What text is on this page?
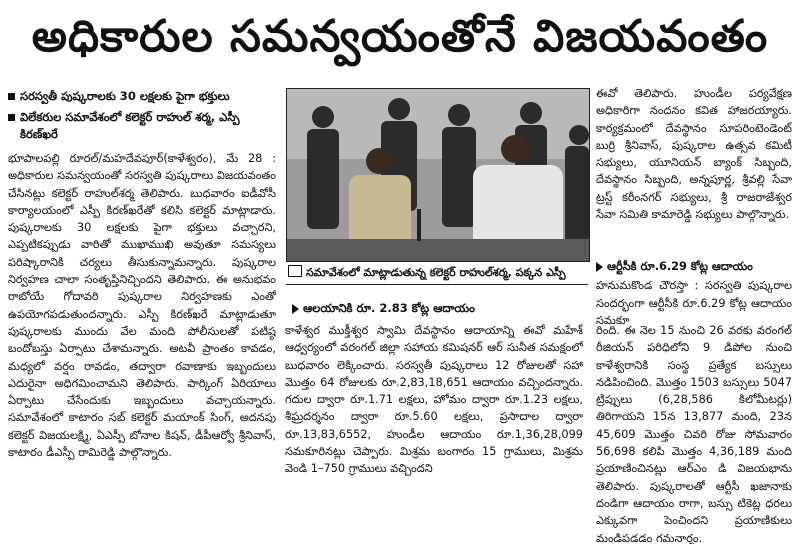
అధికారుల సమన్వయంతోనే విజయవంతం
సరస్వతీ పుష్కరాలకు 30 లక్షలకు పైగా భక్తులు
విలేకరుల సమావేశంలో కలెక్టర్ రాహుల్ శర్మ, ఎస్పీ కిరణ్‌ఖరే

భూపాలపల్లి రూరల్/మహదేవపూర్(కాళేశ్వరం), మే 28 : అధికారుల సమన్వయంతో సరస్వతి పుష్కరాలు విజయవంతం చేసినట్లు కలెక్టర్ రాహుల్‌శర్మ తెలిపారు. బుధవారం ఐడీవోసీ కార్యాలయంలో ఎస్పీ కిరణ్‌ఖరేతో కలిసి కలెక్టర్ మాట్లాడారు. పుష్కరాలకు 30 లక్షలకు పైగా భక్తులు వచ్చారని, ఎప్పటికప్పుడు వారితో ముఖాముఖి అవుతూ సమస్యలు పరిష్కారానికి చర్యలు తీసుకున్నామన్నారు. పుష్కరాల నిర్వహణ చాలా సంతృప్తినిచ్చిందని తెలిపారు. ఈ అనుభవం రాబోయే గోదావరి పుష్కరాల నిర్వహణకు ఎంతో ఉపయోగపడుతుందన్నారు. ఎస్పీ కిరణ్‌ఖరే మాట్లాడుతూ పుష్కరాలకు ముందు వేల మంది పోలీసులతో పటిష్ఠ బందోబస్తు ఏర్పాటు చేశామన్నారు. అటవీ ప్రాంతం కావడం, మధ్యలో వర్షం రావడం, తద్వారా రవాణాకు ఇబ్బందులు ఎదురైనా అధిగమించామని తెలిపారు. పార్కింగ్ ఏరియాలు ఏర్పాటు చేసేందుకు ఇబ్బందులు వచ్చాయన్నారు. సమావేశంలో కాటారం సబ్ కలెక్టర్ మయాంక్ సింగ్, అదనపు కలెక్టర్ విజయలక్ష్మి, ఏఎస్పీ బోనాల కిషన్, డీపీఆర్వో శ్రీనివాస్, కాటారం డీఎస్పీ రామిరెడ్డి పాల్గొన్నారు.

సమావేశంలో మాట్లాడుతున్న కలెక్టర్ రాహుల్‌శర్మ, పక్కన ఎస్పీ

ఈవో తెలిపారు. హుండీల పర్యవేక్షణ అధికారిగా నందనం కవిత హాజరయ్యారు. కార్యక్రమంలో దేవస్థానం సూపరింటెండెంట్ బుర్రి శ్రీనివాస్, పుష్కరాల ఉత్సవ కమిటీ సభ్యులు, యూనియన్ బ్యాంక్ సిబ్బంది, దేవస్థానం సిబ్బంది, అన్నపూర్ణ, శ్రీవల్లి సేవా ట్రస్ట్ కరీంనగర్ సభ్యులు, శ్రీ రాజరాజేశ్వర సేవా సమితి కామారెడ్డి సభ్యులు పాల్గొన్నారు.

ఆర్టీసీకి రూ.6.29 కోట్ల ఆదాయం

హనుమకొండ చౌరస్తా : సరస్వతి పుష్కరాల సందర్భంగా ఆర్టీసీకి రూ.6.29 కోట్ల ఆదాయం సమకూ

ఆలయానికి రూ. 2.83 కోట్ల ఆదాయం

కాళేశ్వర ముక్తీశ్వర స్వామి దేవస్థానం ఆదాయాన్ని ఈవో మహేశ్ ఆధ్వర్యంలో వరంగల్ జిల్లా సహాయ కమిషనర్ ఆర్ సునీత సమక్షంలో బుధవారం లెక్కించారు. సరస్వతీ పుష్కరాలు 12 రోజులతో సహా మొత్తం 64 రోజులకు రూ.2,83,18,651 ఆదాయం వచ్చిందన్నారు. గదుల ద్వారా రూ.1.71 లక్షలు, హోమం ద్వారా రూ.1.23 లక్షలు, శీఘ్రదర్శనం ద్వారా రూ.5.60 లక్షలు, ప్రసాదాల ద్వారా రూ.13,83,6552, హుండీల ఆదాయం రూ.1,36,28,099 సమకూరినట్లు చెప్పారు. మిశ్రమ బంగారం 15 గ్రాములు, మిశ్రమ వెండి 1–750 గ్రాములు వచ్చిందని

రింది. ఈ నెల 15 నుంచి 26 వరకు వరంగల్ రీజియన్ పరిధిలోని 9 డిపోల నుంచి కాళేశ్వరానికి సంస్థ ప్రత్యేక బస్సులు నడిపించింది. మొత్తం 1503 బస్సులు 5047 ట్రిప్పులు (6,28,586 కిలోమీటర్లు) తిరిగాయని 15న 13,877 మంది, 23న 45,609 మొత్తం చివరి రోజు సోమవారం 56,698 కలిపి మొత్తం 4,36,189 మంది ప్రయాణించినట్లు ఆర్‌ఎం డి విజయభాను తెలిపారు. పుష్కరాలతో ఆర్టీసీ ఖజానాకు దండిగా ఆదాయం రాగా, బస్సు టికెట్ల ధరలు ఎక్కువగా పెంచిందని ప్రయాణికులు మండిపడడం గమనార్హం.
